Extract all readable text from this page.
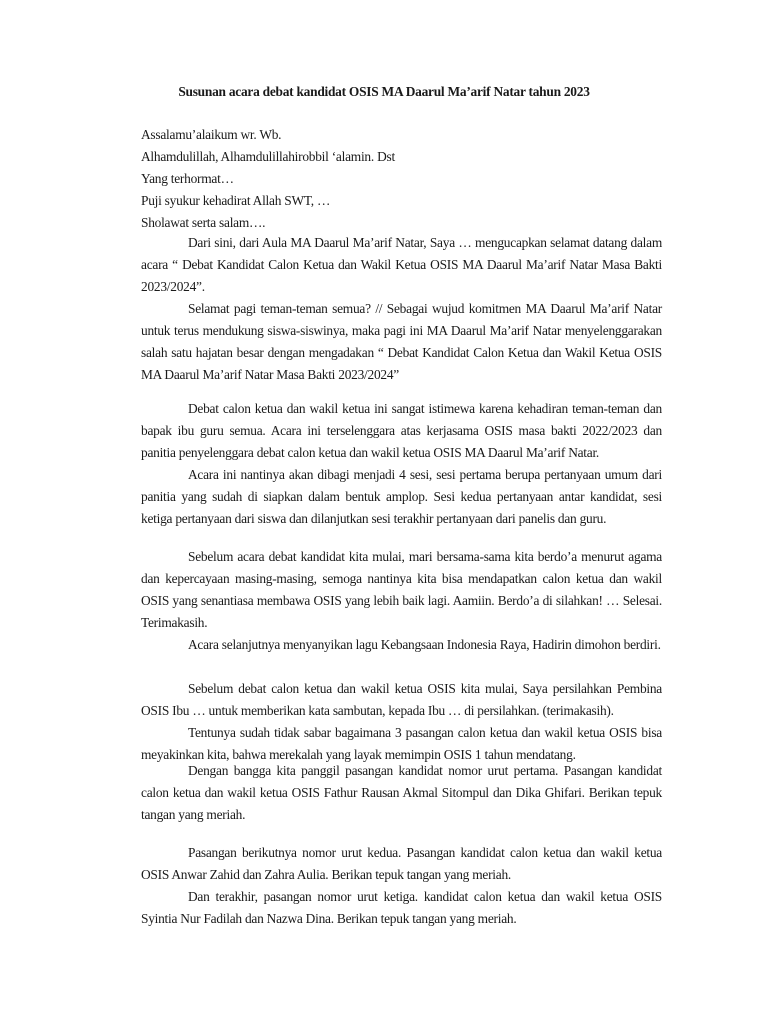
Susunan acara debat kandidat OSIS MA Daarul Ma’arif Natar tahun 2023

Assalamu’alaikum wr. Wb.

Alhamdulillah, Alhamdulillahirobbil ‘alamin. Dst

Yang terhormat…

Puji syukur kehadirat Allah SWT, …

Sholawat serta salam….

Dari sini, dari Aula MA Daarul Ma’arif Natar, Saya … mengucapkan selamat datang dalam acara “ Debat Kandidat Calon Ketua dan Wakil Ketua OSIS MA Daarul Ma’arif Natar Masa Bakti 2023/2024”.

Selamat pagi teman-teman semua? // Sebagai wujud komitmen MA Daarul Ma’arif Natar untuk terus mendukung siswa-siswinya, maka pagi ini MA Daarul Ma’arif Natar menyelenggarakan salah satu hajatan besar dengan mengadakan “ Debat Kandidat Calon Ketua dan Wakil Ketua OSIS MA Daarul Ma’arif Natar Masa Bakti 2023/2024”

Debat calon ketua dan wakil ketua ini sangat istimewa karena kehadiran teman-teman dan bapak ibu guru semua. Acara ini terselenggara atas kerjasama OSIS masa bakti 2022/2023 dan panitia penyelenggara debat calon ketua dan wakil ketua OSIS MA Daarul Ma’arif Natar.

Acara ini nantinya akan dibagi menjadi 4 sesi, sesi pertama berupa pertanyaan umum dari panitia yang sudah di siapkan dalam bentuk amplop. Sesi kedua pertanyaan antar kandidat, sesi ketiga pertanyaan dari siswa dan dilanjutkan sesi terakhir pertanyaan dari panelis dan guru.

Sebelum acara debat kandidat kita mulai, mari bersama-sama kita berdo’a menurut agama dan kepercayaan masing-masing, semoga nantinya kita bisa mendapatkan calon ketua dan wakil OSIS yang senantiasa membawa OSIS yang lebih baik lagi. Aamiin. Berdo’a di silahkan! … Selesai. Terimakasih.

Acara selanjutnya menyanyikan lagu Kebangsaan Indonesia Raya, Hadirin dimohon berdiri.

Sebelum debat calon ketua dan wakil ketua OSIS kita mulai, Saya persilahkan Pembina OSIS Ibu … untuk memberikan kata sambutan, kepada Ibu … di persilahkan. (terimakasih).

Tentunya sudah tidak sabar bagaimana 3 pasangan calon ketua dan wakil ketua OSIS bisa meyakinkan kita, bahwa merekalah yang layak memimpin OSIS 1 tahun mendatang.

Dengan bangga kita panggil pasangan kandidat nomor urut pertama. Pasangan kandidat calon ketua dan wakil ketua OSIS Fathur Rausan Akmal Sitompul dan Dika Ghifari. Berikan tepuk tangan yang meriah.

Pasangan berikutnya nomor urut kedua. Pasangan kandidat calon ketua dan wakil ketua OSIS Anwar Zahid dan Zahra Aulia. Berikan tepuk tangan yang meriah.

Dan terakhir, pasangan nomor urut ketiga. kandidat calon ketua dan wakil ketua OSIS Syintia Nur Fadilah dan Nazwa Dina. Berikan tepuk tangan yang meriah.
